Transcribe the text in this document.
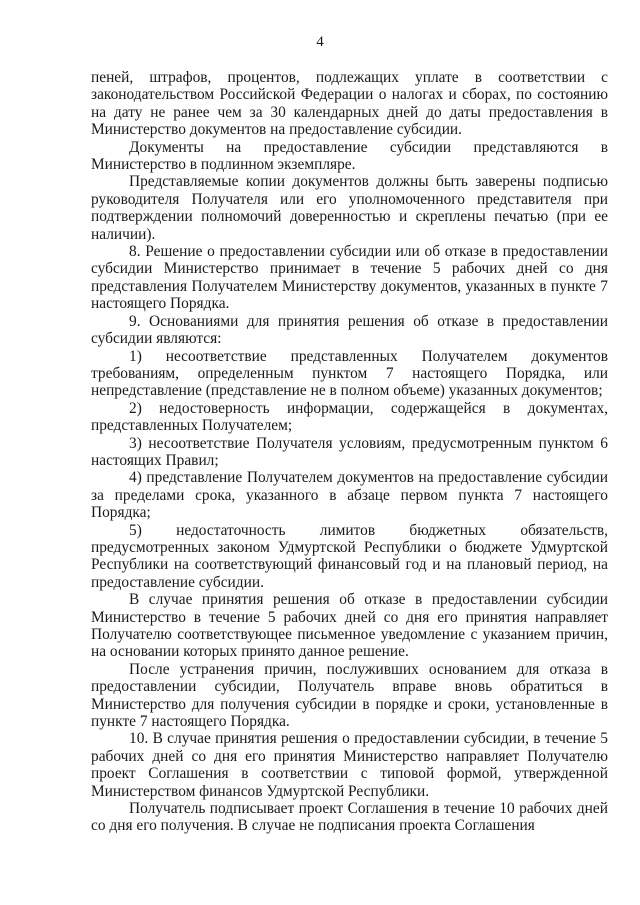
4

пеней, штрафов, процентов, подлежащих уплате в соответствии с законодательством Российской Федерации о налогах и сборах, по состоянию на дату не ранее чем за 30 календарных дней до даты предоставления в Министерство документов на предоставление субсидии.

Документы на предоставление субсидии представляются в Министерство в подлинном экземпляре.

Представляемые копии документов должны быть заверены подписью руководителя Получателя или его уполномоченного представителя при подтверждении полномочий доверенностью и скреплены печатью (при ее наличии).

8. Решение о предоставлении субсидии или об отказе в предоставлении субсидии Министерство принимает в течение 5 рабочих дней со дня представления Получателем Министерству документов, указанных в пункте 7 настоящего Порядка.

9. Основаниями для принятия решения об отказе в предоставлении субсидии являются:

1) несоответствие представленных Получателем документов требованиям, определенным пунктом 7 настоящего Порядка, или непредставление (представление не в полном объеме) указанных документов;

2) недостоверность информации, содержащейся в документах, представленных Получателем;

3) несоответствие Получателя условиям, предусмотренным пунктом 6 настоящих Правил;

4) представление Получателем документов на предоставление субсидии за пределами срока, указанного в абзаце первом пункта 7 настоящего Порядка;

5) недостаточность лимитов бюджетных обязательств, предусмотренных законом Удмуртской Республики о бюджете Удмуртской Республики на соответствующий финансовый год и на плановый период, на предоставление субсидии.

В случае принятия решения об отказе в предоставлении субсидии Министерство в течение 5 рабочих дней со дня его принятия направляет Получателю соответствующее письменное уведомление с указанием причин, на основании которых принято данное решение.

После устранения причин, послуживших основанием для отказа в предоставлении субсидии, Получатель вправе вновь обратиться в Министерство для получения субсидии в порядке и сроки, установленные в пункте 7 настоящего Порядка.

10. В случае принятия решения о предоставлении субсидии, в течение 5 рабочих дней со дня его принятия Министерство направляет Получателю проект Соглашения в соответствии с типовой формой, утвержденной Министерством финансов Удмуртской Республики.

Получатель подписывает проект Соглашения в течение 10 рабочих дней со дня его получения. В случае не подписания проекта Соглашения
